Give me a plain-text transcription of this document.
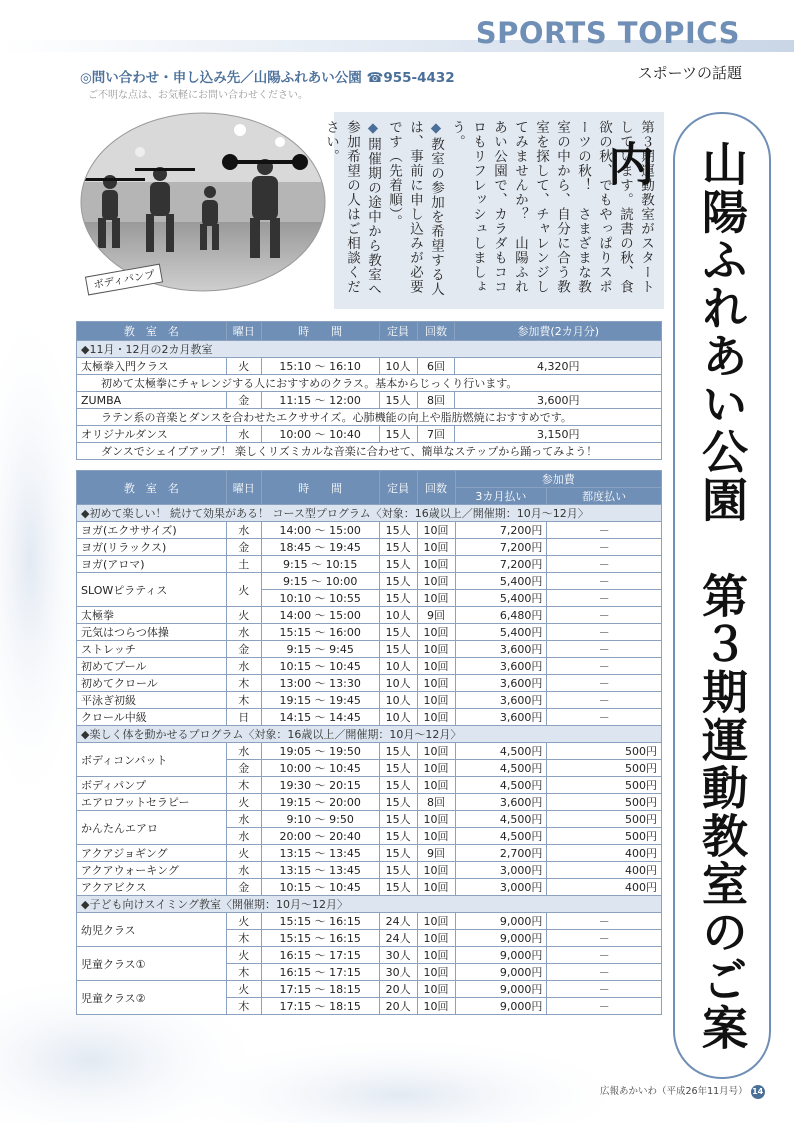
SPORTS TOPICS
スポーツの話題
◎問い合わせ・申し込み先／山陽ふれあい公園 ☎955-4432
ご不明な点は、お気軽にお問い合わせください。
ボディパンプ	第３期運動教室がスタートしています。読書の秋、食欲の秋、でもやっぱりスポーツの秋！　さまざまな教室の中から、自分に合う教室を探して、チャレンジしてみませんか？　山陽ふれあい公園で、カラダもココロもリフレッシュしましょう。
◆教室の参加を希望する人は、事前に申し込みが必要です（先着順）。
◆開催期の途中から教室へ参加希望の人はご相談ください。	山陽ふれあい公園　第３期運動教室のご案内
教　室　名	曜日	時　　間	定員	回数	参加費(2カ月分)
◆11月・12月の2カ月教室					
太極拳入門クラス	火	15:10 ～ 16:10	10人	6回	4,320円
初めて太極拳にチャレンジする人におすすめのクラス。基本からじっくり行います。					
ZUMBA	金	11:15 ～ 12:00	15人	8回	3,600円
ラテン系の音楽とダンスを合わせたエクササイズ。心肺機能の向上や脂肪燃焼におすすめです。					
オリジナルダンス	水	10:00 ～ 10:40	15人	7回	3,150円
ダンスでシェイプアップ！ 楽しくリズミカルな音楽に合わせて、簡単なステップから踊ってみよう！					
教　室　名	曜日	時　　間	定員	回数	参加費	
					3カ月払い	都度払い
◆初めて楽しい！ 続けて効果がある！ コース型プログラム〈対象：16歳以上／開催期：10月～12月〉						
ヨガ(エクササイズ)	水	14:00 ～ 15:00	15人	10回	7,200円	－
ヨガ(リラックス)	金	18:45 ～ 19:45	15人	10回	7,200円	－
ヨガ(アロマ)	土	9:15 ～ 10:15	15人	10回	7,200円	－
SLOWピラティス	火	9:15 ～ 10:00	15人	10回	5,400円	－
		10:10 ～ 10:55	15人	10回	5,400円	－
太極拳	火	14:00 ～ 15:00	10人	9回	6,480円	－
元気はつらつ体操	水	15:15 ～ 16:00	15人	10回	5,400円	－
ストレッチ	金	9:15 ～ 9:45	15人	10回	3,600円	－
初めてプール	水	10:15 ～ 10:45	10人	10回	3,600円	－
初めてクロール	木	13:00 ～ 13:30	10人	10回	3,600円	－
平泳ぎ初級	木	19:15 ～ 19:45	10人	10回	3,600円	－
クロール中級	日	14:15 ～ 14:45	10人	10回	3,600円	－
◆楽しく体を動かせるプログラム〈対象：16歳以上／開催期：10月～12月〉						
ボディコンバット	水	19:05 ～ 19:50	15人	10回	4,500円	500円
	金	10:00 ～ 10:45	15人	10回	4,500円	500円
ボディパンプ	木	19:30 ～ 20:15	15人	10回	4,500円	500円
エアロフットセラピー	火	19:15 ～ 20:00	15人	8回	3,600円	500円
かんたんエアロ	水	9:10 ～ 9:50	15人	10回	4,500円	500円
	水	20:00 ～ 20:40	15人	10回	4,500円	500円
アクアジョギング	火	13:15 ～ 13:45	15人	9回	2,700円	400円
アクアウォーキング	水	13:15 ～ 13:45	15人	10回	3,000円	400円
アクアビクス	金	10:15 ～ 10:45	15人	10回	3,000円	400円
◆子ども向けスイミング教室〈開催期：10月～12月〉						
幼児クラス	火	15:15 ～ 16:15	24人	10回	9,000円	－
	木	15:15 ～ 16:15	24人	10回	9,000円	－
児童クラス①	火	16:15 ～ 17:15	30人	10回	9,000円	－
	木	16:15 ～ 17:15	30人	10回	9,000円	－
児童クラス②	火	17:15 ～ 18:15	20人	10回	9,000円	－
	木	17:15 ～ 18:15	20人	10回	9,000円	－
広報あかいわ（平成26年11月号） 14
